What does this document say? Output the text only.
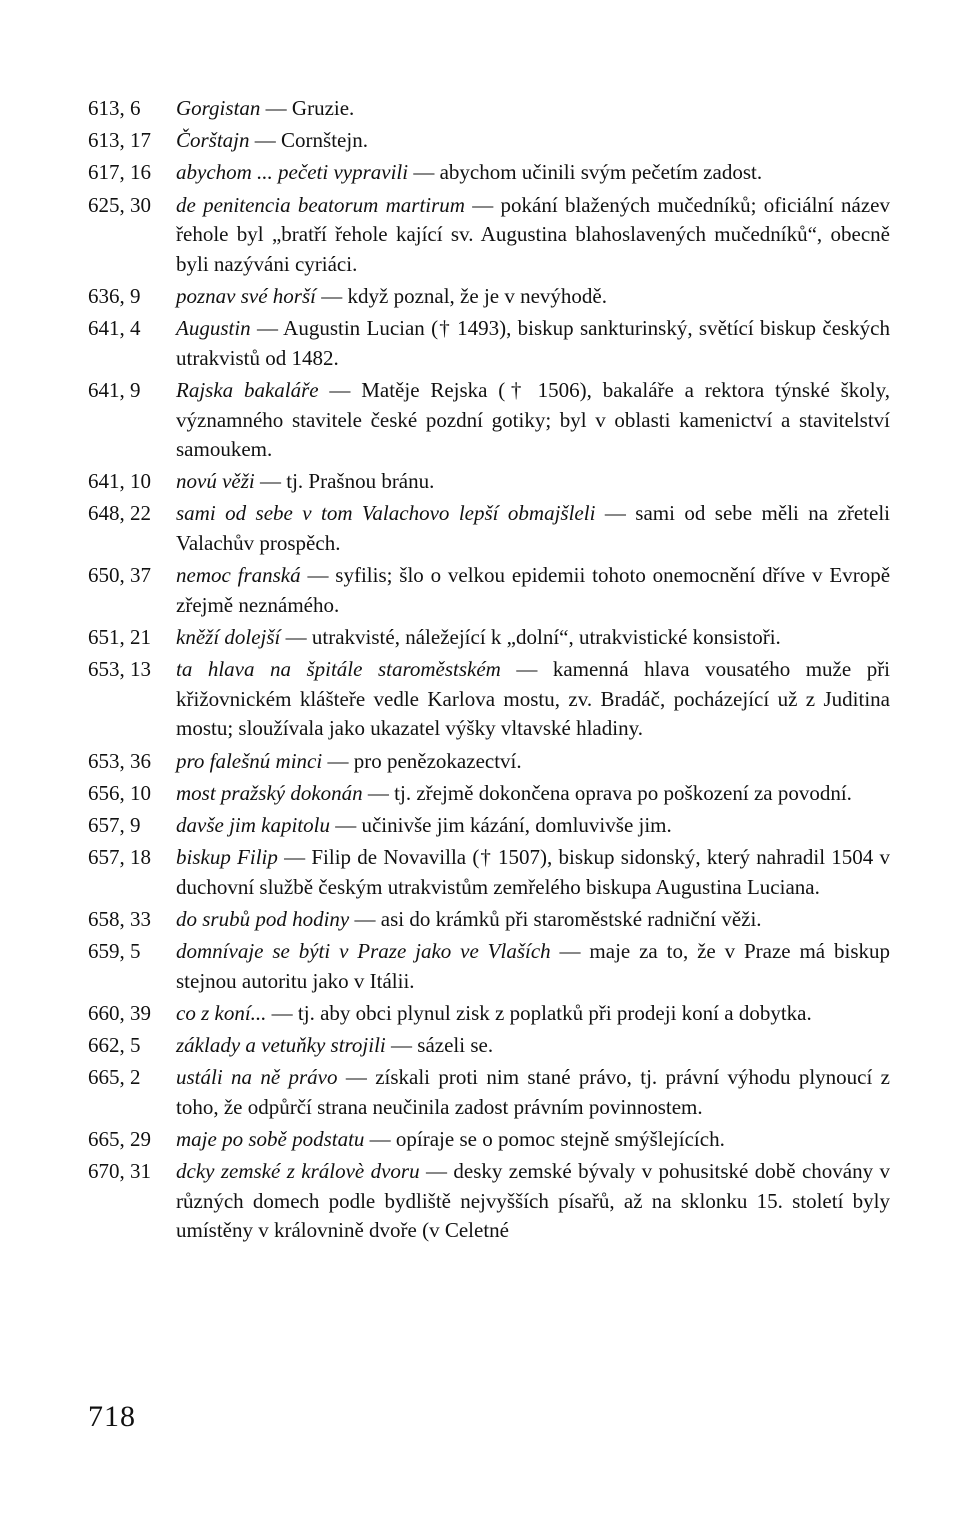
613, 6	Gorgistan — Gruzie.
613, 17	Čorštajn — Cornštejn.
617, 16	abychom ... pečeti vypravili — abychom učinili svým pečetím zadost.
625, 30	de penitencia beatorum martirum — pokání blažených mučedníků; oficiální název řehole byl „bratří řehole kající sv. Augustina blahoslavených mučedníků“, obecně byli nazýváni cyriáci.
636, 9	poznav své horší — když poznal, že je v nevýhodě.
641, 4	Augustin — Augustin Lucian († 1493), biskup sankturinský, světící biskup českých utrakvistů od 1482.
641, 9	Rajska bakaláře — Matěje Rejska († 1506), bakaláře a rektora týnské školy, významného stavitele české pozdní gotiky; byl v oblasti kamenictví a stavitelství samoukem.
641, 10	novú věži — tj. Prašnou bránu.
648, 22	sami od sebe v tom Valachovo lepší obmajšleli — sami od sebe měli na zřeteli Valachův prospěch.
650, 37	nemoc franská — syfilis; šlo o velkou epidemii tohoto onemocnění dříve v Evropě zřejmě neznámého.
651, 21	kněží dolejší — utrakvisté, náležející k „dolní“, utrakvistické konsistoři.
653, 13	ta hlava na špitále staroměstském — kamenná hlava vousatého muže při křižovnickém klášteře vedle Karlova mostu, zv. Bradáč, pocházející už z Juditina mostu; sloužívala jako ukazatel výšky vltavské hladiny.
653, 36	pro falešnú minci — pro penězokazectví.
656, 10	most pražský dokonán — tj. zřejmě dokončena oprava po poškození za povodní.
657, 9	davše jim kapitolu — učinivše jim kázání, domluvivše jim.
657, 18	biskup Filip — Filip de Novavilla († 1507), biskup sidonský, který nahradil 1504 v duchovní službě českým utrakvistům zemřelého biskupa Augustina Luciana.
658, 33	do srubů pod hodiny — asi do krámků při staroměstské radniční věži.
659, 5	domnívaje se býti v Praze jako ve Vlaších — maje za to, že v Praze má biskup stejnou autoritu jako v Itálii.
660, 39	co z koní... — tj. aby obci plynul zisk z poplatků při prodeji koní a dobytka.
662, 5	základy a vetuňky strojili — sázeli se.
665, 2	ustáli na ně právo — získali proti nim stané právo, tj. právní výhodu plynoucí z toho, že odpůrčí strana neučinila zadost právním povinnostem.
665, 29	maje po sobě podstatu — opíraje se o pomoc stejně smýšlejících.
670, 31	dcky zemské z královè dvoru — desky zemské bývaly v pohusitské době chovány v různých domech podle bydliště nejvyšších písařů, až na sklonku 15. století byly umístěny v královnině dvoře (v Celetné
718
